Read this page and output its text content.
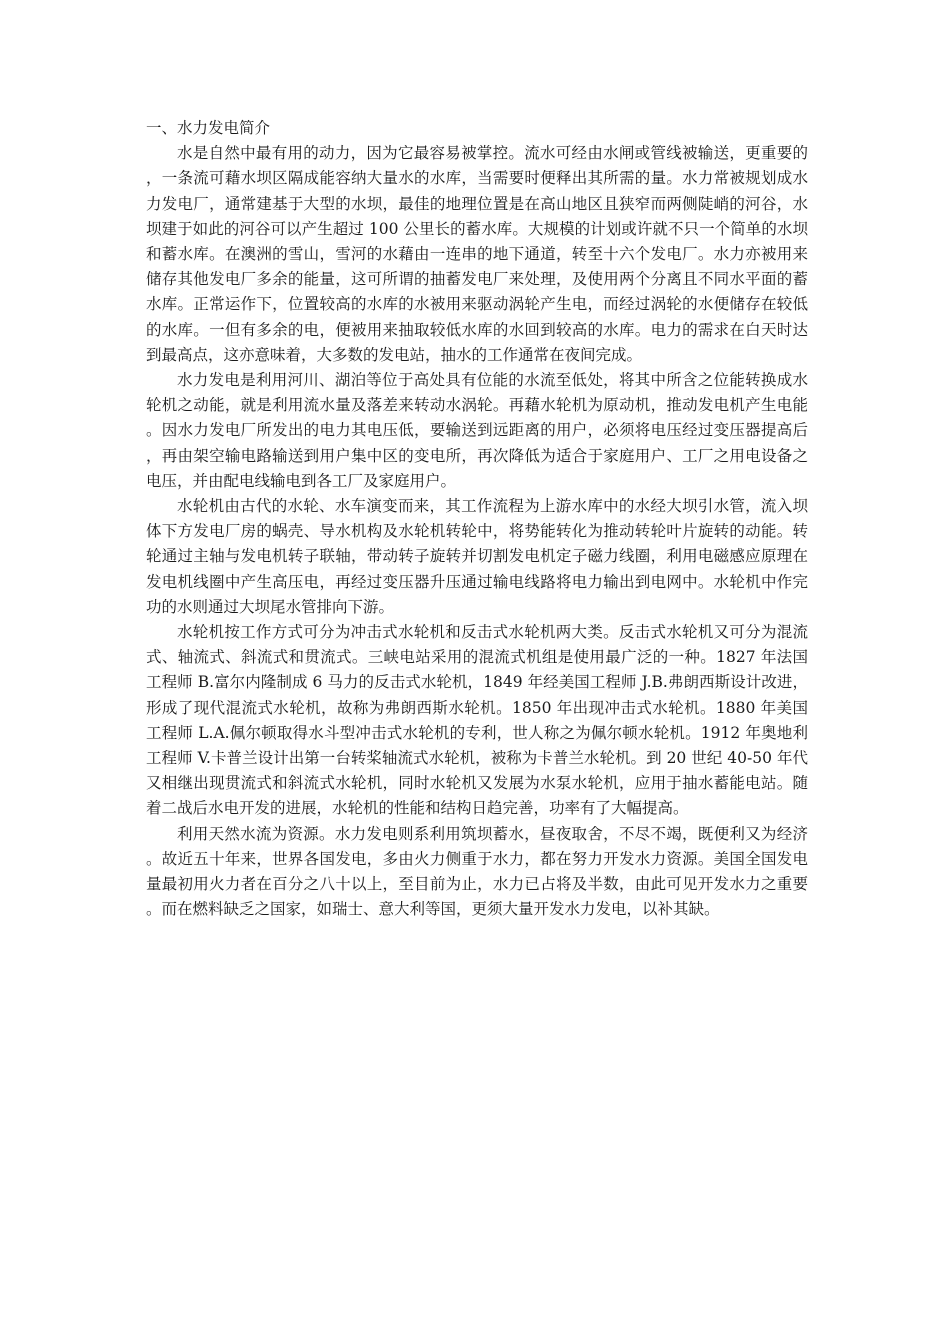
一、水力发电简介

水是自然中最有用的动力，因为它最容易被掌控。流水可经由水闸或管线被输送，更重要的，一条流可藉水坝区隔成能容纳大量水的水库，当需要时便释出其所需的量。水力常被规划成水力发电厂，通常建基于大型的水坝，最佳的地理位置是在高山地区且狭窄而两侧陡峭的河谷，水坝建于如此的河谷可以产生超过 100 公里长的蓄水库。大规模的计划或许就不只一个简单的水坝和蓄水库。在澳洲的雪山，雪河的水藉由一连串的地下通道，转至十六个发电厂。水力亦被用来储存其他发电厂多余的能量，这可所谓的抽蓄发电厂来处理，及使用两个分离且不同水平面的蓄水库。正常运作下，位置较高的水库的水被用来驱动涡轮产生电，而经过涡轮的水便储存在较低的水库。一但有多余的电，便被用来抽取较低水库的水回到较高的水库。电力的需求在白天时达到最高点，这亦意味着，大多数的发电站，抽水的工作通常在夜间完成。

水力发电是利用河川、湖泊等位于高处具有位能的水流至低处，将其中所含之位能转换成水轮机之动能，就是利用流水量及落差来转动水涡轮。再藉水轮机为原动机，推动发电机产生电能。因水力发电厂所发出的电力其电压低，要输送到远距离的用户，必须将电压经过变压器提高后，再由架空输电路输送到用户集中区的变电所，再次降低为适合于家庭用户、工厂之用电设备之电压，并由配电线输电到各工厂及家庭用户。

水轮机由古代的水轮、水车演变而来，其工作流程为上游水库中的水经大坝引水管，流入坝体下方发电厂房的蜗壳、导水机构及水轮机转轮中，将势能转化为推动转轮叶片旋转的动能。转轮通过主轴与发电机转子联轴，带动转子旋转并切割发电机定子磁力线圈，利用电磁感应原理在发电机线圈中产生高压电，再经过变压器升压通过输电线路将电力输出到电网中。水轮机中作完功的水则通过大坝尾水管排向下游。

水轮机按工作方式可分为冲击式水轮机和反击式水轮机两大类。反击式水轮机又可分为混流式、轴流式、斜流式和贯流式。三峡电站采用的混流式机组是使用最广泛的一种。1827 年法国工程师 B.富尔内隆制成 6 马力的反击式水轮机，1849 年经美国工程师 J.B.弗朗西斯设计改进，形成了现代混流式水轮机，故称为弗朗西斯水轮机。1850 年出现冲击式水轮机。1880 年美国工程师 L.A.佩尔顿取得水斗型冲击式水轮机的专利，世人称之为佩尔顿水轮机。1912 年奥地利工程师 V.卡普兰设计出第一台转桨轴流式水轮机，被称为卡普兰水轮机。到 20 世纪 40-50 年代又相继出现贯流式和斜流式水轮机，同时水轮机又发展为水泵水轮机，应用于抽水蓄能电站。随着二战后水电开发的进展，水轮机的性能和结构日趋完善，功率有了大幅提高。

利用天然水流为资源。水力发电则系利用筑坝蓄水，昼夜取舍，不尽不竭，既便利又为经济。故近五十年来，世界各国发电，多由火力侧重于水力，都在努力开发水力资源。美国全国发电量最初用火力者在百分之八十以上，至目前为止，水力已占将及半数，由此可见开发水力之重要。而在燃料缺乏之国家，如瑞士、意大利等国，更须大量开发水力发电，以补其缺。
